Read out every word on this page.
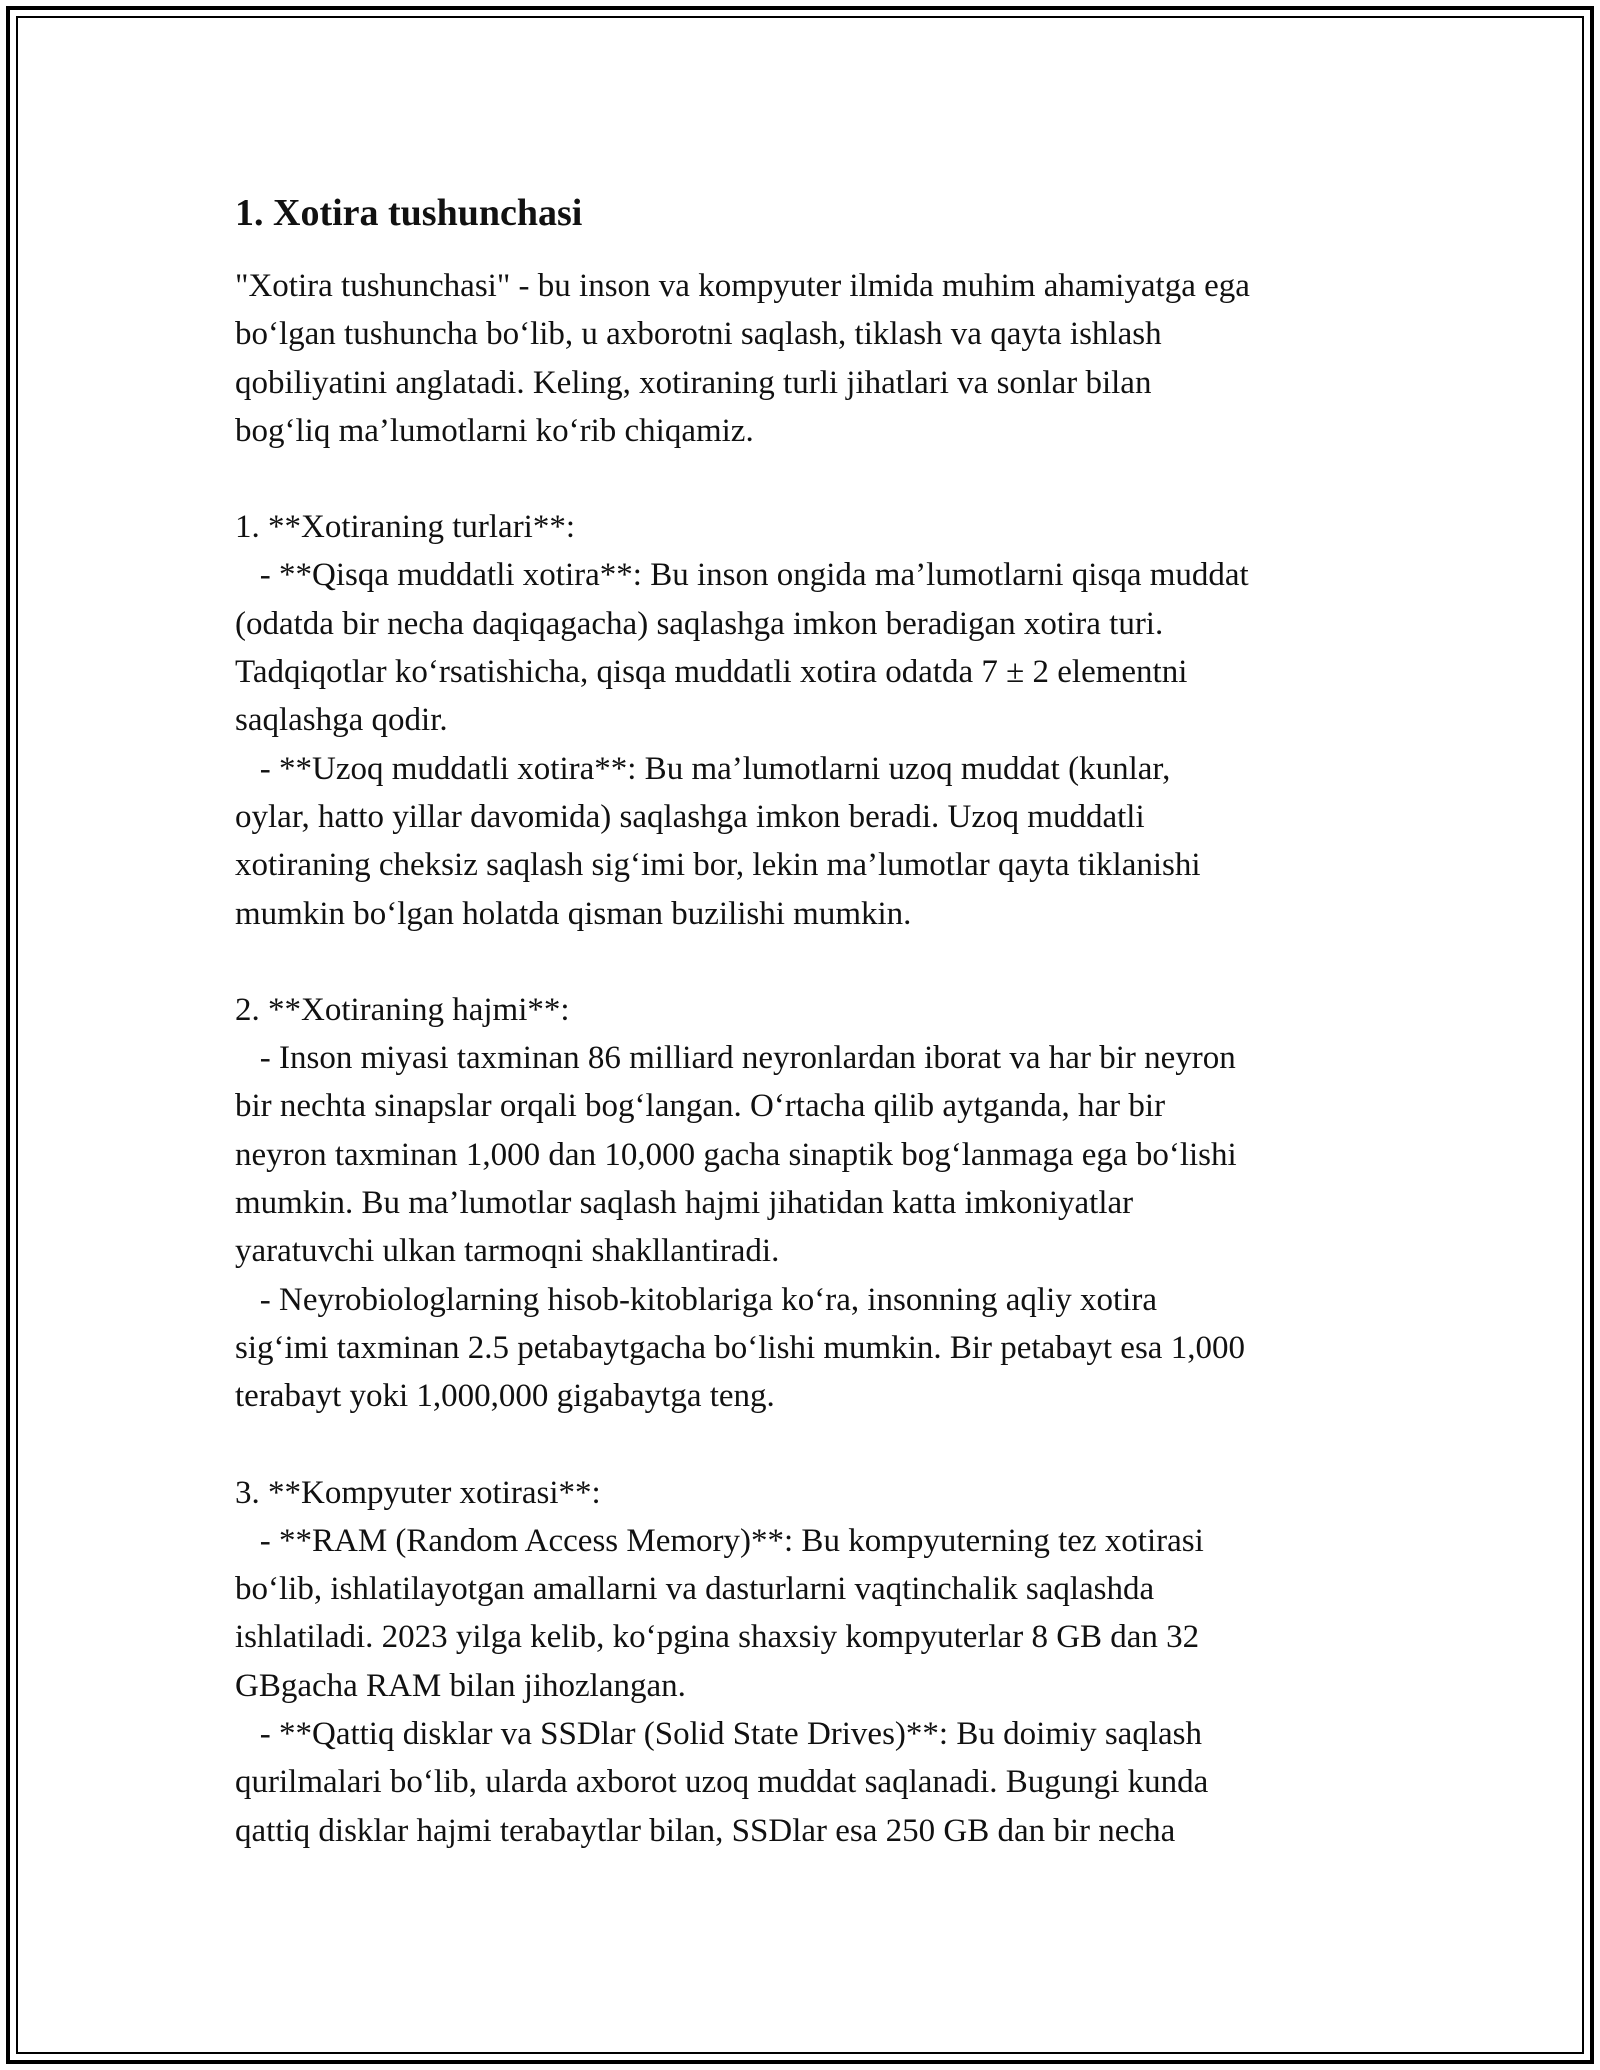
1. Xotira tushunchasi

"Xotira tushunchasi" - bu inson va kompyuter ilmida muhim ahamiyatga ega

bo‘lgan tushuncha bo‘lib, u axborotni saqlash, tiklash va qayta ishlash

qobiliyatini anglatadi. Keling, xotiraning turli jihatlari va sonlar bilan

bog‘liq ma’lumotlarni ko‘rib chiqamiz.

1. **Xotiraning turlari**:

- **Qisqa muddatli xotira**: Bu inson ongida ma’lumotlarni qisqa muddat

(odatda bir necha daqiqagacha) saqlashga imkon beradigan xotira turi.

Tadqiqotlar ko‘rsatishicha, qisqa muddatli xotira odatda 7 ± 2 elementni

saqlashga qodir.

- **Uzoq muddatli xotira**: Bu ma’lumotlarni uzoq muddat (kunlar,

oylar, hatto yillar davomida) saqlashga imkon beradi. Uzoq muddatli

xotiraning cheksiz saqlash sig‘imi bor, lekin ma’lumotlar qayta tiklanishi

mumkin bo‘lgan holatda qisman buzilishi mumkin.

2. **Xotiraning hajmi**:

- Inson miyasi taxminan 86 milliard neyronlardan iborat va har bir neyron

bir nechta sinapslar orqali bog‘langan. O‘rtacha qilib aytganda, har bir

neyron taxminan 1,000 dan 10,000 gacha sinaptik bog‘lanmaga ega bo‘lishi

mumkin. Bu ma’lumotlar saqlash hajmi jihatidan katta imkoniyatlar

yaratuvchi ulkan tarmoqni shakllantiradi.

- Neyrobiologlarning hisob-kitoblariga ko‘ra, insonning aqliy xotira

sig‘imi taxminan 2.5 petabaytgacha bo‘lishi mumkin. Bir petabayt esa 1,000

terabayt yoki 1,000,000 gigabaytga teng.

3. **Kompyuter xotirasi**:

- **RAM (Random Access Memory)**: Bu kompyuterning tez xotirasi

bo‘lib, ishlatilayotgan amallarni va dasturlarni vaqtinchalik saqlashda

ishlatiladi. 2023 yilga kelib, ko‘pgina shaxsiy kompyuterlar 8 GB dan 32

GBgacha RAM bilan jihozlangan.

- **Qattiq disklar va SSDlar (Solid State Drives)**: Bu doimiy saqlash

qurilmalari bo‘lib, ularda axborot uzoq muddat saqlanadi. Bugungi kunda

qattiq disklar hajmi terabaytlar bilan, SSDlar esa 250 GB dan bir necha
